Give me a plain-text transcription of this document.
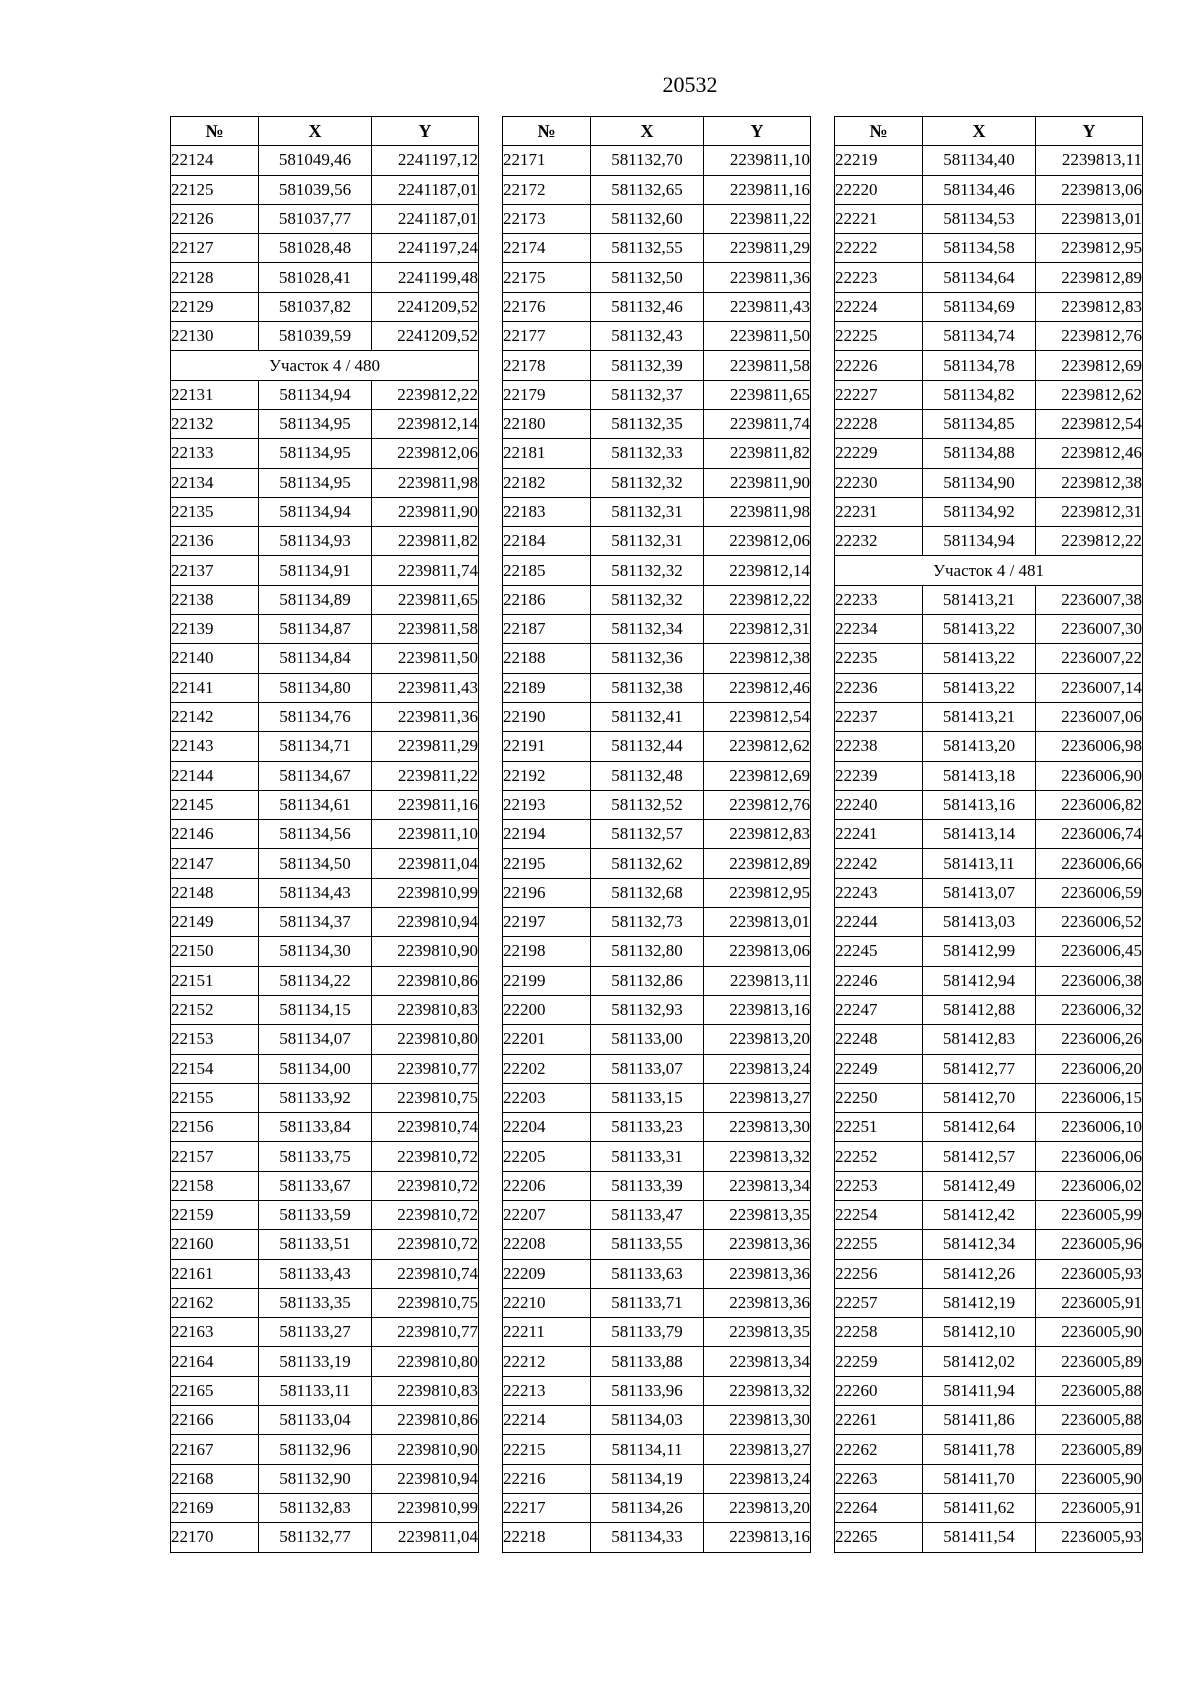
20532
№	X	Y
22124	581049,46	2241197,12
22125	581039,56	2241187,01
22126	581037,77	2241187,01
22127	581028,48	2241197,24
22128	581028,41	2241199,48
22129	581037,82	2241209,52
22130	581039,59	2241209,52
Участок 4 / 480		
22131	581134,94	2239812,22
22132	581134,95	2239812,14
22133	581134,95	2239812,06
22134	581134,95	2239811,98
22135	581134,94	2239811,90
22136	581134,93	2239811,82
22137	581134,91	2239811,74
22138	581134,89	2239811,65
22139	581134,87	2239811,58
22140	581134,84	2239811,50
22141	581134,80	2239811,43
22142	581134,76	2239811,36
22143	581134,71	2239811,29
22144	581134,67	2239811,22
22145	581134,61	2239811,16
22146	581134,56	2239811,10
22147	581134,50	2239811,04
22148	581134,43	2239810,99
22149	581134,37	2239810,94
22150	581134,30	2239810,90
22151	581134,22	2239810,86
22152	581134,15	2239810,83
22153	581134,07	2239810,80
22154	581134,00	2239810,77
22155	581133,92	2239810,75
22156	581133,84	2239810,74
22157	581133,75	2239810,72
22158	581133,67	2239810,72
22159	581133,59	2239810,72
22160	581133,51	2239810,72
22161	581133,43	2239810,74
22162	581133,35	2239810,75
22163	581133,27	2239810,77
22164	581133,19	2239810,80
22165	581133,11	2239810,83
22166	581133,04	2239810,86
22167	581132,96	2239810,90
22168	581132,90	2239810,94
22169	581132,83	2239810,99
22170	581132,77	2239811,04
№	X	Y
22171	581132,70	2239811,10
22172	581132,65	2239811,16
22173	581132,60	2239811,22
22174	581132,55	2239811,29
22175	581132,50	2239811,36
22176	581132,46	2239811,43
22177	581132,43	2239811,50
22178	581132,39	2239811,58
22179	581132,37	2239811,65
22180	581132,35	2239811,74
22181	581132,33	2239811,82
22182	581132,32	2239811,90
22183	581132,31	2239811,98
22184	581132,31	2239812,06
22185	581132,32	2239812,14
22186	581132,32	2239812,22
22187	581132,34	2239812,31
22188	581132,36	2239812,38
22189	581132,38	2239812,46
22190	581132,41	2239812,54
22191	581132,44	2239812,62
22192	581132,48	2239812,69
22193	581132,52	2239812,76
22194	581132,57	2239812,83
22195	581132,62	2239812,89
22196	581132,68	2239812,95
22197	581132,73	2239813,01
22198	581132,80	2239813,06
22199	581132,86	2239813,11
22200	581132,93	2239813,16
22201	581133,00	2239813,20
22202	581133,07	2239813,24
22203	581133,15	2239813,27
22204	581133,23	2239813,30
22205	581133,31	2239813,32
22206	581133,39	2239813,34
22207	581133,47	2239813,35
22208	581133,55	2239813,36
22209	581133,63	2239813,36
22210	581133,71	2239813,36
22211	581133,79	2239813,35
22212	581133,88	2239813,34
22213	581133,96	2239813,32
22214	581134,03	2239813,30
22215	581134,11	2239813,27
22216	581134,19	2239813,24
22217	581134,26	2239813,20
22218	581134,33	2239813,16
№	X	Y
22219	581134,40	2239813,11
22220	581134,46	2239813,06
22221	581134,53	2239813,01
22222	581134,58	2239812,95
22223	581134,64	2239812,89
22224	581134,69	2239812,83
22225	581134,74	2239812,76
22226	581134,78	2239812,69
22227	581134,82	2239812,62
22228	581134,85	2239812,54
22229	581134,88	2239812,46
22230	581134,90	2239812,38
22231	581134,92	2239812,31
22232	581134,94	2239812,22
Участок 4 / 481		
22233	581413,21	2236007,38
22234	581413,22	2236007,30
22235	581413,22	2236007,22
22236	581413,22	2236007,14
22237	581413,21	2236007,06
22238	581413,20	2236006,98
22239	581413,18	2236006,90
22240	581413,16	2236006,82
22241	581413,14	2236006,74
22242	581413,11	2236006,66
22243	581413,07	2236006,59
22244	581413,03	2236006,52
22245	581412,99	2236006,45
22246	581412,94	2236006,38
22247	581412,88	2236006,32
22248	581412,83	2236006,26
22249	581412,77	2236006,20
22250	581412,70	2236006,15
22251	581412,64	2236006,10
22252	581412,57	2236006,06
22253	581412,49	2236006,02
22254	581412,42	2236005,99
22255	581412,34	2236005,96
22256	581412,26	2236005,93
22257	581412,19	2236005,91
22258	581412,10	2236005,90
22259	581412,02	2236005,89
22260	581411,94	2236005,88
22261	581411,86	2236005,88
22262	581411,78	2236005,89
22263	581411,70	2236005,90
22264	581411,62	2236005,91
22265	581411,54	2236005,93
